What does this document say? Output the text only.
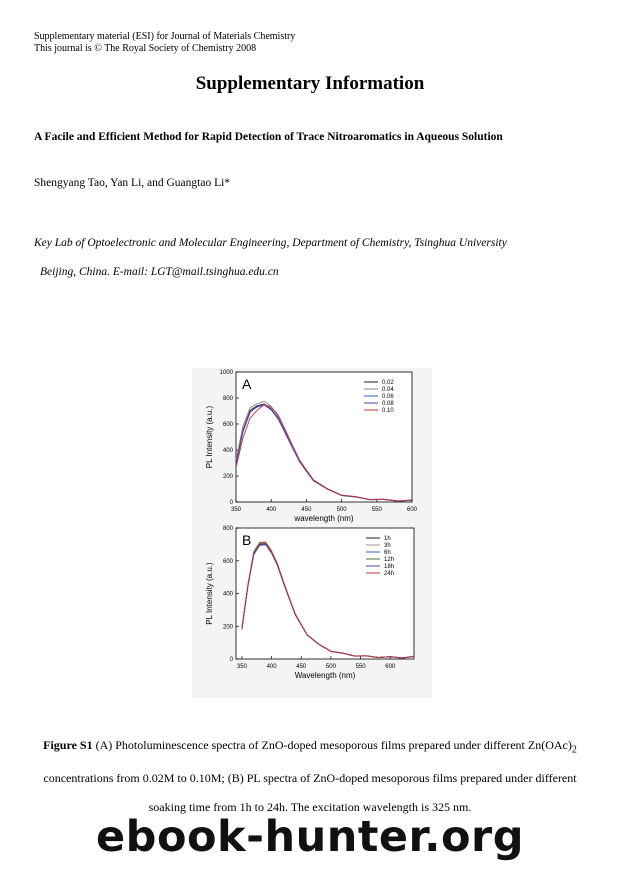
Supplementary material (ESI) for Journal of Materials Chemistry
This journal is © The Royal Society of Chemistry 2008
Supplementary Information
A Facile and Efficient Method for Rapid Detection of Trace Nitroaromatics in Aqueous Solution
Shengyang Tao, Yan Li, and Guangtao Li*
Key Lab of Optoelectronic and Molecular Engineering, Department of Chemistry, Tsinghua University
Beijing, China. E-mail: LGT@mail.tsinghua.edu.cn
350	400	450	500	550	600
0
200
400
600
800
1000
wavelength (nm)
PL Intensity (a.u.)
A	0.02
0.04
0.06
0.08
0.10
350	400	450	500	550	600
0
200
400
600
800
Wavelength (nm)
PL Intensity (a.u.)
B	1h
3h
6h
12h
18h
24h
Figure S1 (A) Photoluminescence spectra of ZnO-doped mesoporous films prepared under different $Zn(OAc)_2$ concentrations from 0.02M to 0.10M; (B) PL spectra of ZnO-doped mesoporous films prepared under different soaking time from 1h to 24h. The excitation wavelength is 325 nm.
ebook-hunter.org
